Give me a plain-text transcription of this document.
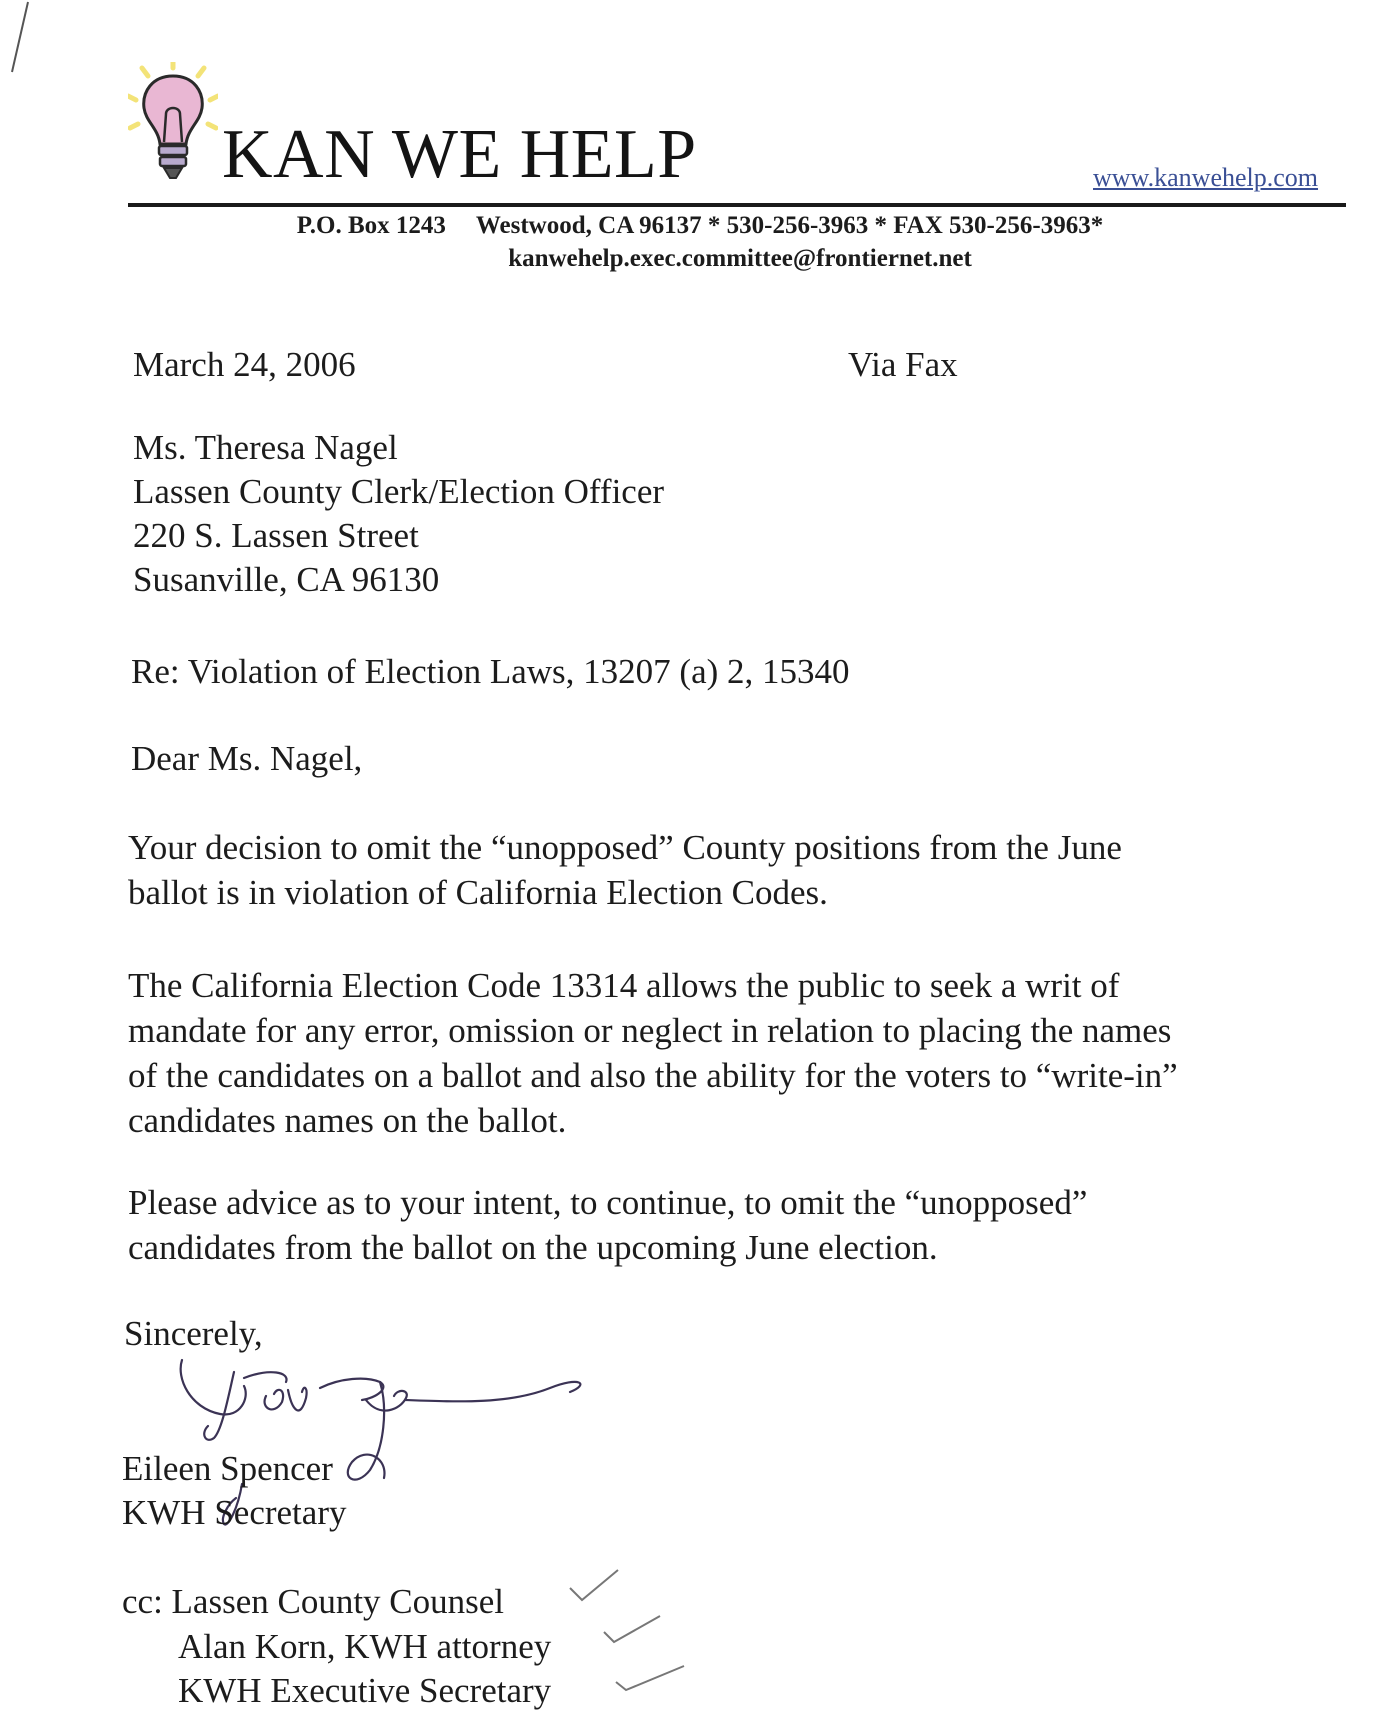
KAN WE HELP	www.kanwehelp.com
P.O. Box 1243 Westwood, CA 96137 * 530-256-3963 * FAX 530-256-3963*
kanwehelp.exec.committee@frontiernet.net
March 24, 2006	Via Fax
Ms. Theresa Nagel
Lassen County Clerk/Election Officer
220 S. Lassen Street
Susanville, CA 96130
Re: Violation of Election Laws, 13207 (a) 2, 15340
Dear Ms. Nagel,
Your decision to omit the “unopposed” County positions from the June
ballot is in violation of California Election Codes.
The California Election Code 13314 allows the public to seek a writ of
mandate for any error, omission or neglect in relation to placing the names
of the candidates on a ballot and also the ability for the voters to “write-in”
candidates names on the ballot.
Please advice as to your intent, to continue, to omit the “unopposed”
candidates from the ballot on the upcoming June election.
Sincerely,
Eileen Spencer
KWH Secretary
cc: Lassen County Counsel
Alan Korn, KWH attorney
KWH Executive Secretary
